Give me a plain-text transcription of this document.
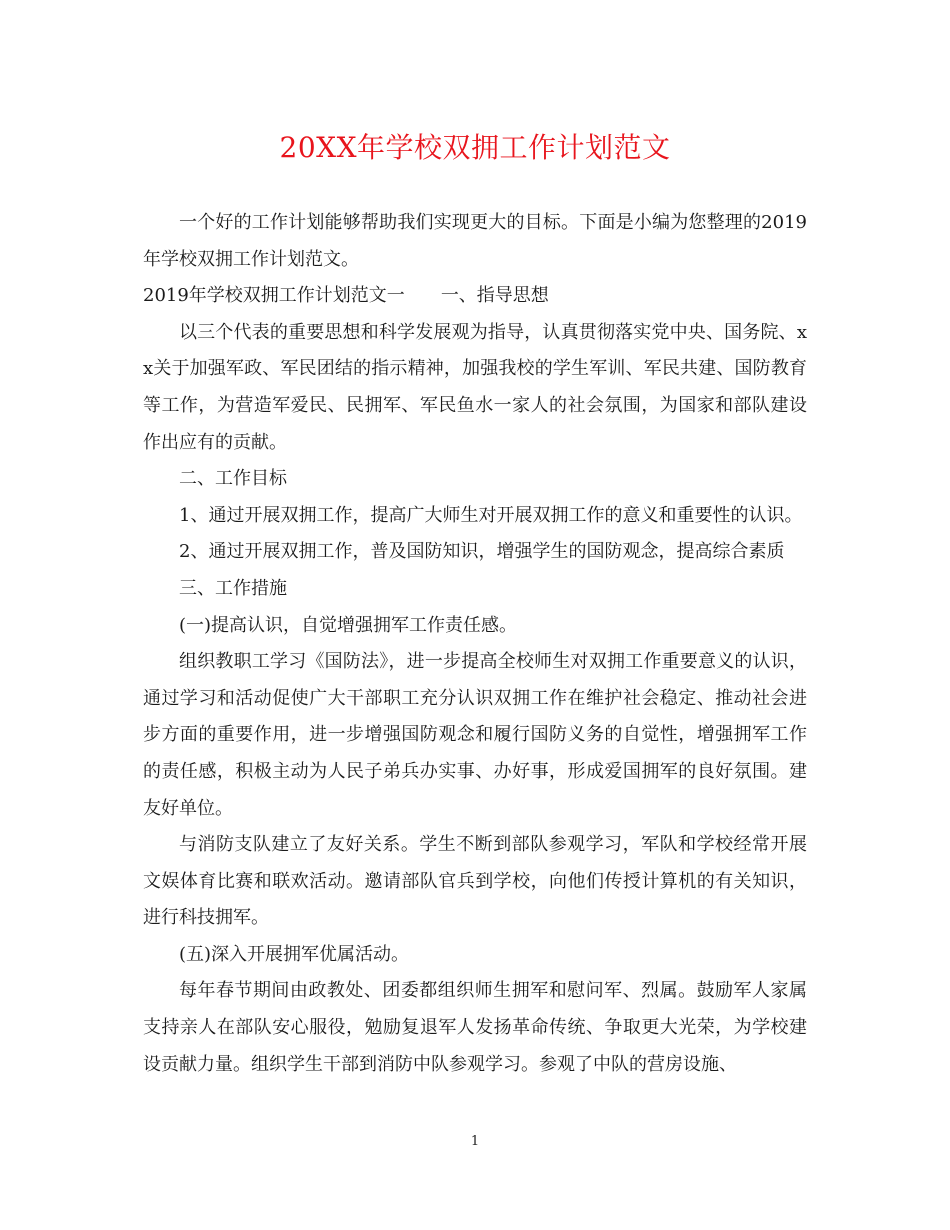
20XX年学校双拥工作计划范文

一个好的工作计划能够帮助我们实现更大的目标。下面是小编为您整理的2019年学校双拥工作计划范文。

2019年学校双拥工作计划范文一 一、指导思想

以三个代表的重要思想和科学发展观为指导，认真贯彻落实党中央、国务院、xx关于加强军政、军民团结的指示精神，加强我校的学生军训、军民共建、国防教育等工作，为营造军爱民、民拥军、军民鱼水一家人的社会氛围，为国家和部队建设作出应有的贡献。

二、工作目标

1、通过开展双拥工作，提高广大师生对开展双拥工作的意义和重要性的认识。

2、通过开展双拥工作，普及国防知识，增强学生的国防观念，提高综合素质

三、工作措施

(一)提高认识，自觉增强拥军工作责任感。

组织教职工学习《国防法》，进一步提高全校师生对双拥工作重要意义的认识，通过学习和活动促使广大干部职工充分认识双拥工作在维护社会稳定、推动社会进步方面的重要作用，进一步增强国防观念和履行国防义务的自觉性，增强拥军工作的责任感，积极主动为人民子弟兵办实事、办好事，形成爱国拥军的良好氛围。建友好单位。

与消防支队建立了友好关系。学生不断到部队参观学习，军队和学校经常开展文娱体育比赛和联欢活动。邀请部队官兵到学校，向他们传授计算机的有关知识，进行科技拥军。

(五)深入开展拥军优属活动。

每年春节期间由政教处、团委都组织师生拥军和慰问军、烈属。鼓励军人家属支持亲人在部队安心服役，勉励复退军人发扬革命传统、争取更大光荣，为学校建设贡献力量。组织学生干部到消防中队参观学习。参观了中队的营房设施、

1
